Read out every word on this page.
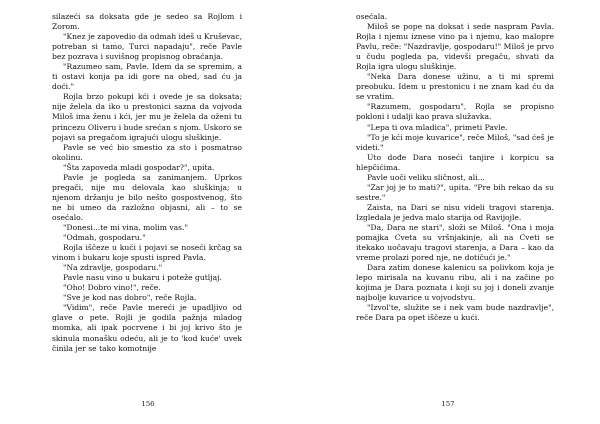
silazeći sa doksata gde je sedeo sa Rojlom i Zorom.

"Knez je zapovedio da odmah ideš u Kruševac, potreban si tamo, Turci napadaju", reče Pavle bez pozrava i suvišnog propisnog obraćanja.

"Razumeo sam, Pavle. Idem da se spremim, a ti ostavi konja pa idi gore na obed, sad ću ja doći."

Rojla brzo pokupi kći i ovede je sa doksata; nije želela da iko u prestonici sazna da vojvoda Miloš ima ženu i kći, jer mu je želela da oženi tu princezu Oliveru i bude srećan s njom. Uskoro se pojavi sa pregačom igrajući ulogu sluškinje.

Pavle se već bio smestio za sto i posmatrao okolinu.

"Šta zapoveda mladi gospodar?", upita.

Pavle je pogleda sa zanimanjem. Uprkos pregači, nije mu delovala kao sluškinja; u njenom držanju je bilo nešto gospostvenog, što ne bi umeo da razložno objasni, ali – to se osećalo.

"Donesi...te mi vina, molim vas."

"Odmah, gospodaru."

Rojla iščeze u kući i pojavi se noseći krčag sa vinom i bukaru koje spusti ispred Pavla.

"Na zdravlje, gospodaru."

Pavle nasu vino u bukaru i potežе gutljaj.

"Oho! Dobro vino!", reče.

"Sve je kod nas dobro", reče Rojla.

"Vidim", reče Pavle mereći je upadljivo od glave o pete. Rojli je godila pažnja mladog momka, ali ipak pocrvene i bi joj krivo što je skinula monašku odeću, ali je to 'kod kuće' uvek činila jer se tako komotnije

156

osećala.

Miloš se pope na doksat i sede naspram Pavla. Rojla i njemu iznese vino pa i njemu, kao malopre Pavlu, reče: "Nazdravlje, gospodaru!" Miloš je prvo u čudu pogleda pa, videvši pregaču, shvati da Rojla igra ulogu sluškinje.

"Neka Dara donese užinu, a ti mi spremi preobuku. Idem u prestonicu i ne znam kad ću da se vratim.

"Razumem, gospodaru", Rojla se propisno pokloni i udalji kao prava služavka.

"Lepa ti ova mladica", primeti Pavle.

"To je kći moje kuvarice", reče Miloš, "sad ćeš je videti."

Uto dođe Dara noseći tanjire i korpicu sa hlepčićima.

Pavle uoči veliku sličnost, ali...

"Zar joj je to mati?", upita. "Pre bih rekao da su sestre."

Zaista, na Dari se nisu videli tragovi starenja. Izgledala je jedva malo starija od Ravijojle.

"Da, Dara ne stari", složi se Miloš. "Ona i moja pomajka Cveta su vršnjakinje, ali na Cveti se itekako uočavaju tragovi starenja, a Dara – kao da vreme prolazi pored nje, ne dotičući je."

Dara zatim donese kalenicu sa polivkom koja je lepo mirisala na kuvanu ribu, ali i na začine po kojima je Dara poznata i koji su joj i doneli zvanje najbolje kuvarice u vojvodstvu.

"Izvol'te, služite se i nek vam bude nazdravlje", reče Dara pa opet iščeze u kući.

157
